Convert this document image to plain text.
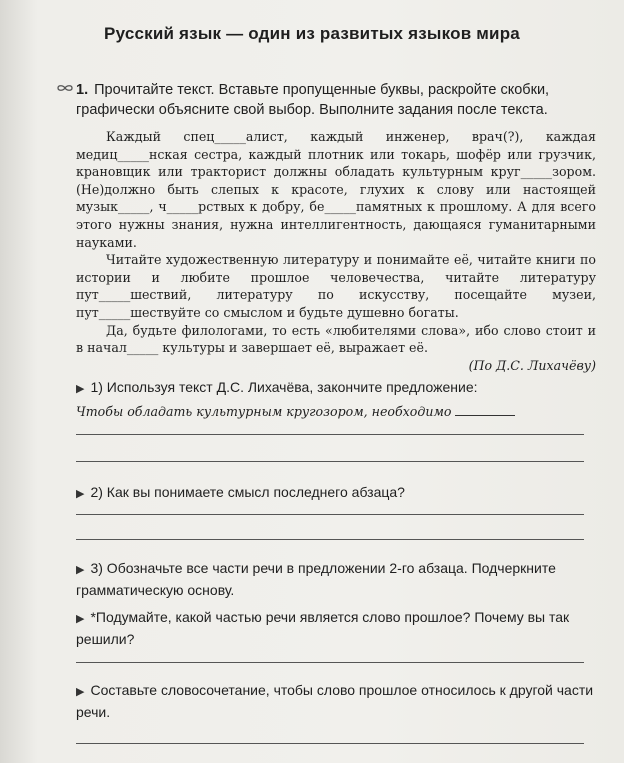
Русский язык — один из развитых языков мира
1. Прочитайте текст. Вставьте пропущенные буквы, раскройте скобки, графически объясните свой выбор. Выполните задания после текста.

Каждый спец_____алист, каждый инженер, врач(?), каждая медиц_____нская сестра, каждый плотник или токарь, шофёр или грузчик, крановщик или тракторист должны обладать культурным круг_____зором. (Не)должно быть слепых к красоте, глухих к слову или настоящей музык_____, ч_____рствых к добру, бе_____памятных к прошлому. А для всего этого нужны знания, нужна интеллигентность, дающаяся гуманитарными науками.

Читайте художественную литературу и понимайте её, читайте книги по истории и любите прошлое человечества, читайте литературу пут_____шествий, литературу по искусству, посещайте музеи, пут_____шествуйте со смыслом и будьте душевно богаты.

Да, будьте филологами, то есть «любителями слова», ибо слово стоит и в начал_____ культуры и завершает её, выражает её.

(По Д.С. Лихачёву)

▶ 1) Используя текст Д.С. Лихачёва, закончите предложение:
Чтобы обладать культурным кругозором, необходимо
▶ 2) Как вы понимаете смысл последнего абзаца?
▶ 3) Обозначьте все части речи в предложении 2-го абзаца. Подчеркните грамматическую основу.
▶ *Подумайте, какой частью речи является слово прошлое? Почему вы так решили?
▶ Составьте словосочетание, чтобы слово прошлое относилось к другой части речи.
